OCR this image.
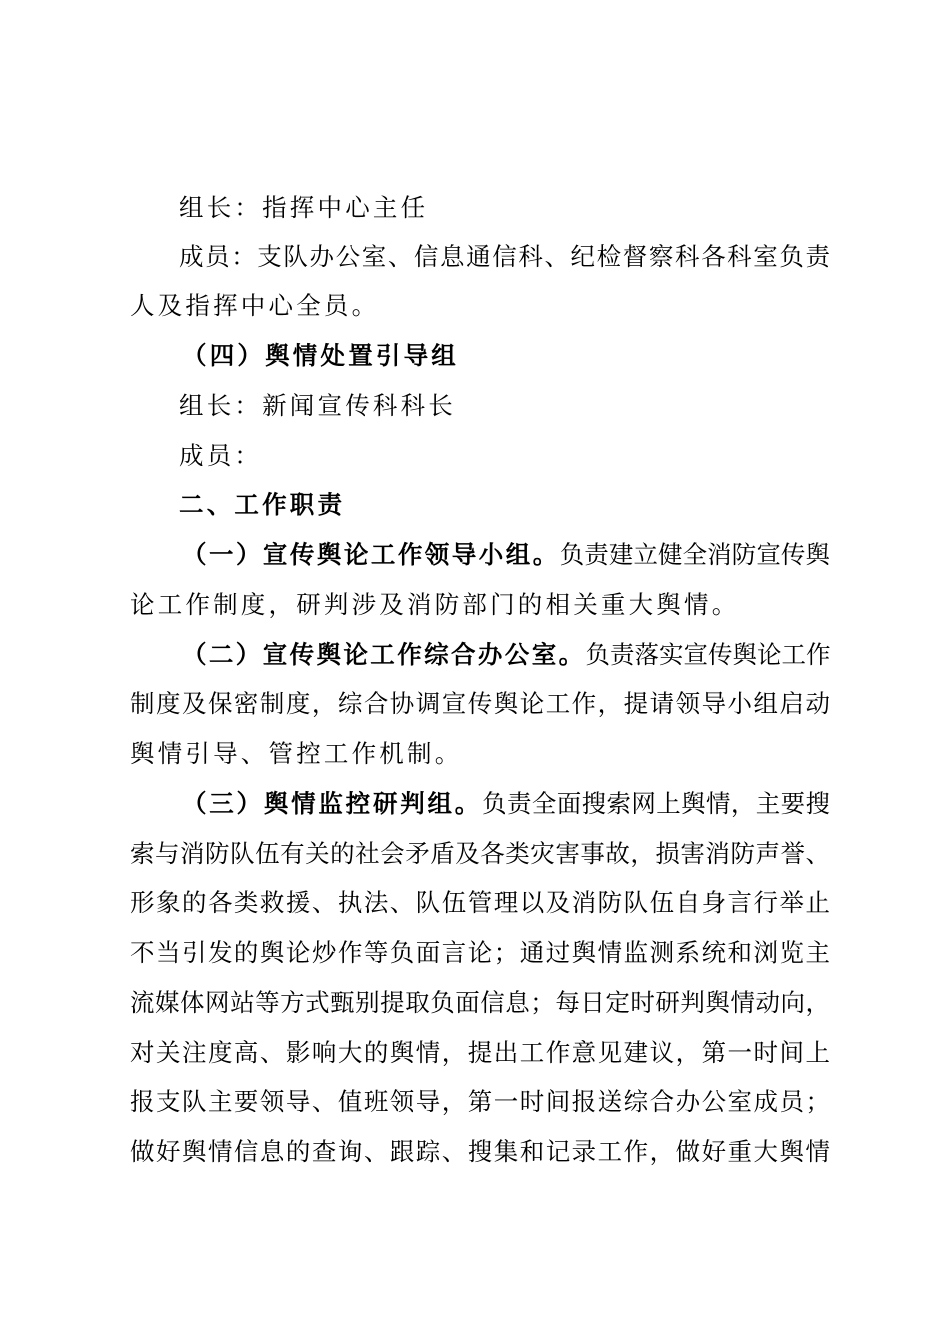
组长：指挥中心主任
成员：支队办公室、信息通信科、纪检督察科各科室负责
人及指挥中心全员。
（四）舆情处置引导组
组长：新闻宣传科科长
成员：
二、工作职责
（一）宣传舆论工作领导小组。负责建立健全消防宣传舆
论工作制度，研判涉及消防部门的相关重大舆情。
（二）宣传舆论工作综合办公室。负责落实宣传舆论工作
制度及保密制度，综合协调宣传舆论工作，提请领导小组启动
舆情引导、管控工作机制。
（三）舆情监控研判组。负责全面搜索网上舆情，主要搜
索与消防队伍有关的社会矛盾及各类灾害事故，损害消防声誉、
形象的各类救援、执法、队伍管理以及消防队伍自身言行举止
不当引发的舆论炒作等负面言论；通过舆情监测系统和浏览主
流媒体网站等方式甄别提取负面信息；每日定时研判舆情动向，
对关注度高、影响大的舆情，提出工作意见建议，第一时间上
报支队主要领导、值班领导，第一时间报送综合办公室成员；
做好舆情信息的查询、跟踪、搜集和记录工作，做好重大舆情
